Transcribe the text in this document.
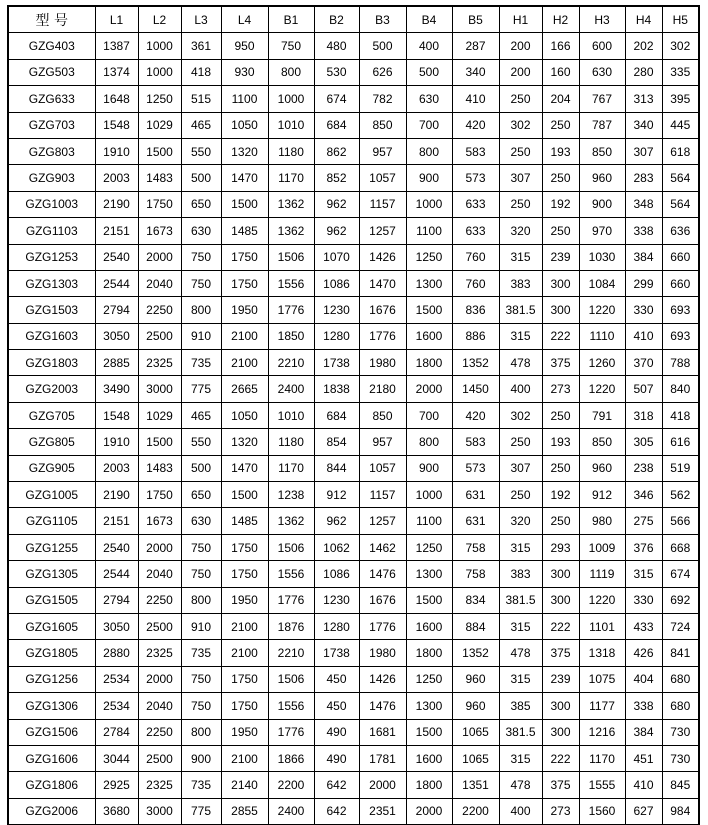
型 号	L1	L2	L3	L4	B1	B2	B3	B4	B5	H1	H2	H3	H4	H5
GZG403	1387	1000	361	950	750	480	500	400	287	200	166	600	202	302
GZG503	1374	1000	418	930	800	530	626	500	340	200	160	630	280	335
GZG633	1648	1250	515	1100	1000	674	782	630	410	250	204	767	313	395
GZG703	1548	1029	465	1050	1010	684	850	700	420	302	250	787	340	445
GZG803	1910	1500	550	1320	1180	862	957	800	583	250	193	850	307	618
GZG903	2003	1483	500	1470	1170	852	1057	900	573	307	250	960	283	564
GZG1003	2190	1750	650	1500	1362	962	1157	1000	633	250	192	900	348	564
GZG1103	2151	1673	630	1485	1362	962	1257	1100	633	320	250	970	338	636
GZG1253	2540	2000	750	1750	1506	1070	1426	1250	760	315	239	1030	384	660
GZG1303	2544	2040	750	1750	1556	1086	1470	1300	760	383	300	1084	299	660
GZG1503	2794	2250	800	1950	1776	1230	1676	1500	836	381.5	300	1220	330	693
GZG1603	3050	2500	910	2100	1850	1280	1776	1600	886	315	222	1110	410	693
GZG1803	2885	2325	735	2100	2210	1738	1980	1800	1352	478	375	1260	370	788
GZG2003	3490	3000	775	2665	2400	1838	2180	2000	1450	400	273	1220	507	840
GZG705	1548	1029	465	1050	1010	684	850	700	420	302	250	791	318	418
GZG805	1910	1500	550	1320	1180	854	957	800	583	250	193	850	305	616
GZG905	2003	1483	500	1470	1170	844	1057	900	573	307	250	960	238	519
GZG1005	2190	1750	650	1500	1238	912	1157	1000	631	250	192	912	346	562
GZG1105	2151	1673	630	1485	1362	962	1257	1100	631	320	250	980	275	566
GZG1255	2540	2000	750	1750	1506	1062	1462	1250	758	315	293	1009	376	668
GZG1305	2544	2040	750	1750	1556	1086	1476	1300	758	383	300	1119	315	674
GZG1505	2794	2250	800	1950	1776	1230	1676	1500	834	381.5	300	1220	330	692
GZG1605	3050	2500	910	2100	1876	1280	1776	1600	884	315	222	1101	433	724
GZG1805	2880	2325	735	2100	2210	1738	1980	1800	1352	478	375	1318	426	841
GZG1256	2534	2000	750	1750	1506	450	1426	1250	960	315	239	1075	404	680
GZG1306	2534	2040	750	1750	1556	450	1476	1300	960	385	300	1177	338	680
GZG1506	2784	2250	800	1950	1776	490	1681	1500	1065	381.5	300	1216	384	730
GZG1606	3044	2500	900	2100	1866	490	1781	1600	1065	315	222	1170	451	730
GZG1806	2925	2325	735	2140	2200	642	2000	1800	1351	478	375	1555	410	845
GZG2006	3680	3000	775	2855	2400	642	2351	2000	2200	400	273	1560	627	984
